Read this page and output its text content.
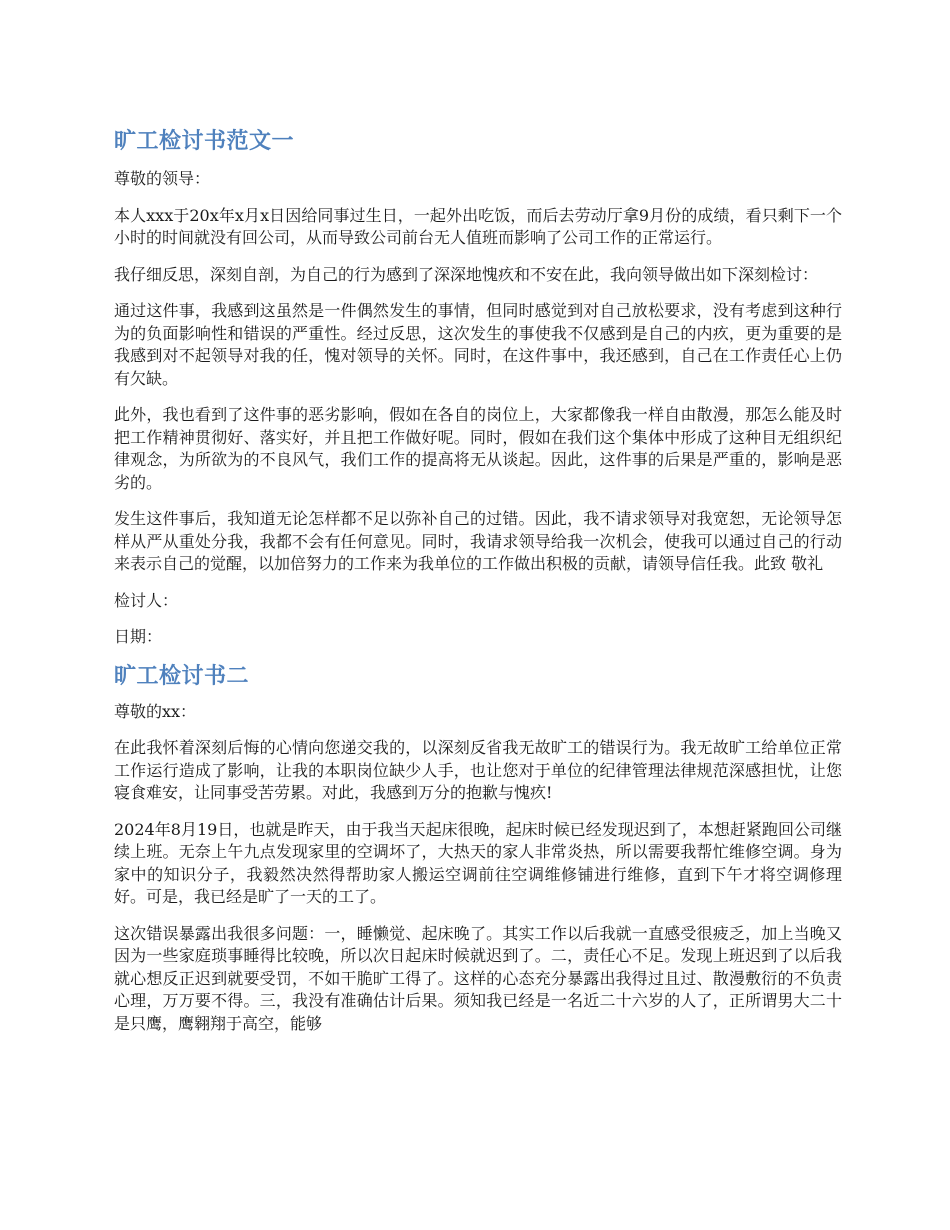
旷工检讨书范文一

尊敬的领导：

本人xxx于20x年x月x日因给同事过生日，一起外出吃饭，而后去劳动厅拿9月份的成绩，看只剩下一个小时的时间就没有回公司，从而导致公司前台无人值班而影响了公司工作的正常运行。

我仔细反思，深刻自剖，为自己的行为感到了深深地愧疚和不安在此，我向领导做出如下深刻检讨：

通过这件事，我感到这虽然是一件偶然发生的事情，但同时感觉到对自己放松要求，没有考虑到这种行为的负面影响性和错误的严重性。经过反思，这次发生的事使我不仅感到是自己的内疚，更为重要的是我感到对不起领导对我的任，愧对领导的关怀。同时，在这件事中，我还感到，自己在工作责任心上仍有欠缺。

此外，我也看到了这件事的恶劣影响，假如在各自的岗位上，大家都像我一样自由散漫，那怎么能及时把工作精神贯彻好、落实好，并且把工作做好呢。同时，假如在我们这个集体中形成了这种目无组织纪律观念，为所欲为的不良风气，我们工作的提高将无从谈起。因此，这件事的后果是严重的，影响是恶劣的。

发生这件事后，我知道无论怎样都不足以弥补自己的过错。因此，我不请求领导对我宽恕，无论领导怎样从严从重处分我，我都不会有任何意见。同时，我请求领导给我一次机会，使我可以通过自己的行动来表示自己的觉醒，以加倍努力的工作来为我单位的工作做出积极的贡献，请领导信任我。此致 敬礼

检讨人：

日期：

旷工检讨书二

尊敬的xx：

在此我怀着深刻后悔的心情向您递交我的，以深刻反省我无故旷工的错误行为。我无故旷工给单位正常工作运行造成了影响，让我的本职岗位缺少人手，也让您对于单位的纪律管理法律规范深感担忧，让您寝食难安，让同事受苦劳累。对此，我感到万分的抱歉与愧疚!

2024年8月19日，也就是昨天，由于我当天起床很晚，起床时候已经发现迟到了，本想赶紧跑回公司继续上班。无奈上午九点发现家里的空调坏了，大热天的家人非常炎热，所以需要我帮忙维修空调。身为家中的知识分子，我毅然决然得帮助家人搬运空调前往空调维修铺进行维修，直到下午才将空调修理好。可是，我已经是旷了一天的工了。

这次错误暴露出我很多问题：一，睡懒觉、起床晚了。其实工作以后我就一直感受很疲乏，加上当晚又因为一些家庭琐事睡得比较晚，所以次日起床时候就迟到了。二，责任心不足。发现上班迟到了以后我就心想反正迟到就要受罚，不如干脆旷工得了。这样的心态充分暴露出我得过且过、散漫敷衍的不负责心理，万万要不得。三，我没有准确估计后果。须知我已经是一名近二十六岁的人了，正所谓男大二十是只鹰，鹰翱翔于高空，能够
